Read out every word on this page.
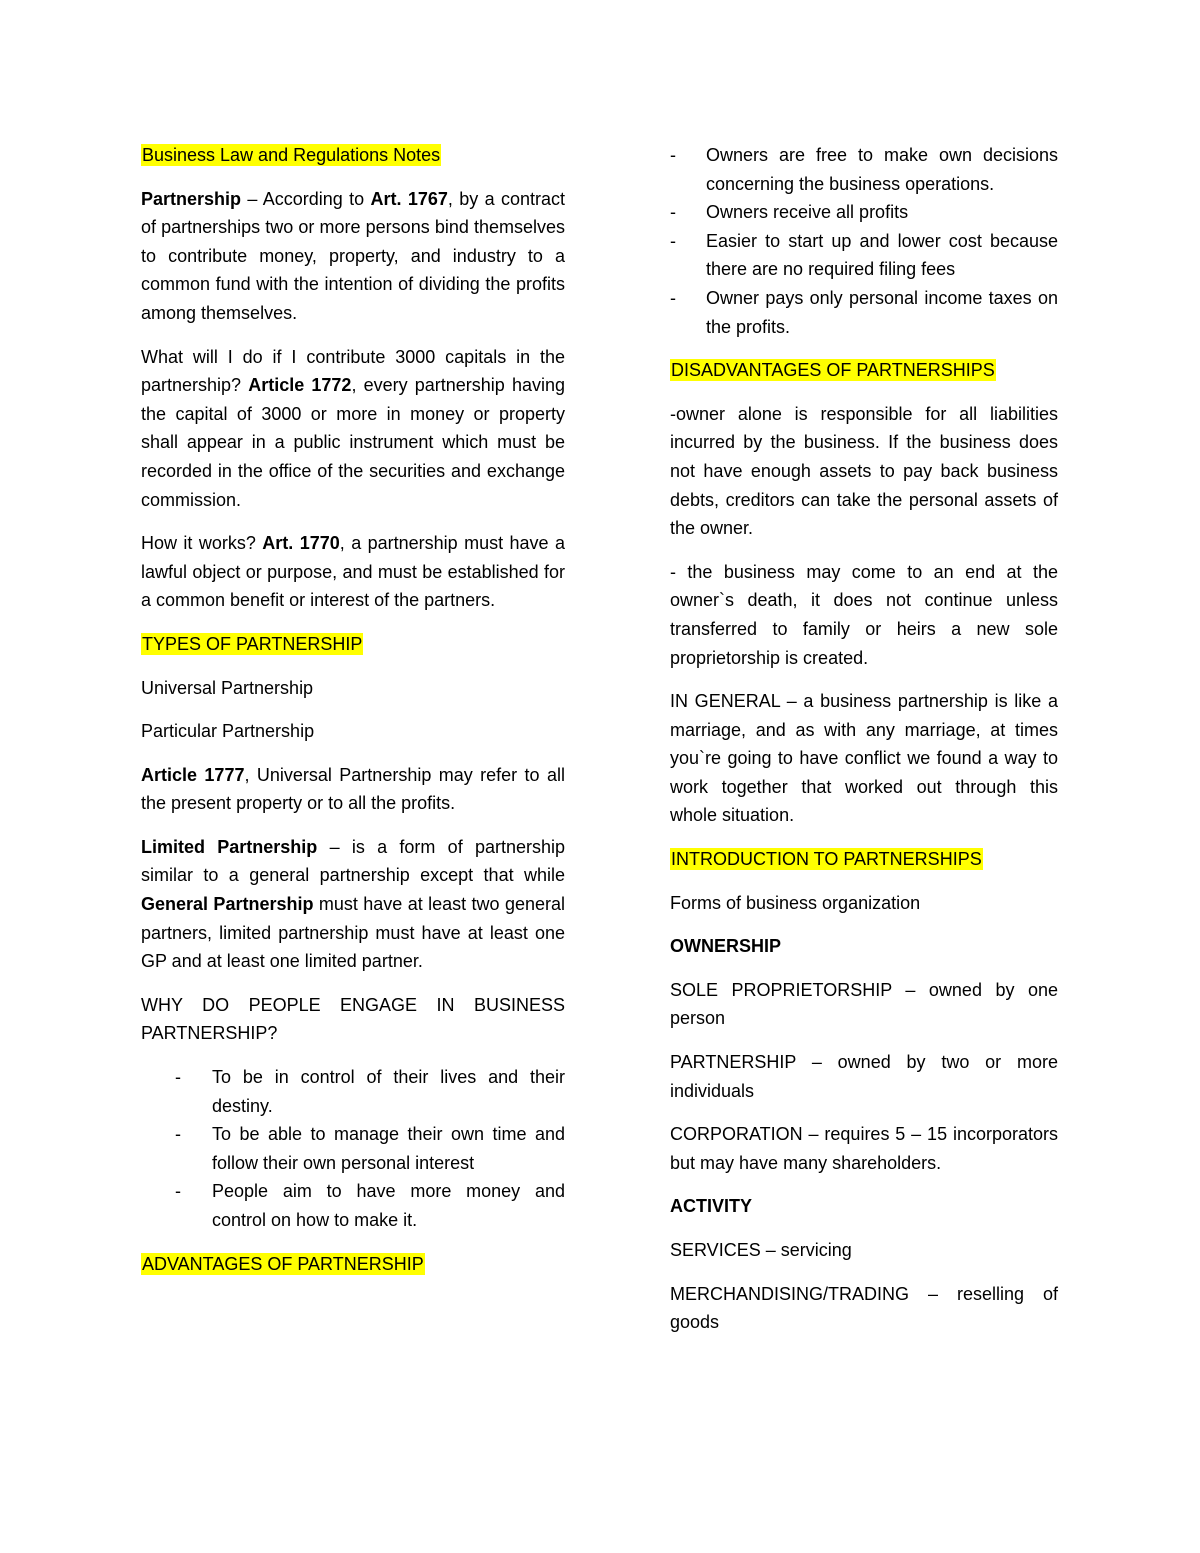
Business Law and Regulations Notes

Partnership – According to Art. 1767, by a contract of partnerships two or more persons bind themselves to contribute money, property, and industry to a common fund with the intention of dividing the profits among themselves.

What will I do if I contribute 3000 capitals in the partnership? Article 1772, every partnership having the capital of 3000 or more in money or property shall appear in a public instrument which must be recorded in the office of the securities and exchange commission.

How it works? Art. 1770, a partnership must have a lawful object or purpose, and must be established for a common benefit or interest of the partners.

TYPES OF PARTNERSHIP

Universal Partnership

Particular Partnership

Article 1777, Universal Partnership may refer to all the present property or to all the profits.

Limited Partnership – is a form of partnership similar to a general partnership except that while General Partnership must have at least two general partners, limited partnership must have at least one GP and at least one limited partner.

WHY DO PEOPLE ENGAGE IN BUSINESS PARTNERSHIP?

- To be in control of their lives and their destiny.
- To be able to manage their own time and follow their own personal interest
- People aim to have more money and control on how to make it.

ADVANTAGES OF PARTNERSHIP

- Owners are free to make own decisions concerning the business operations.
- Owners receive all profits
- Easier to start up and lower cost because there are no required filing fees
- Owner pays only personal income taxes on the profits.

DISADVANTAGES OF PARTNERSHIPS

-owner alone is responsible for all liabilities incurred by the business. If the business does not have enough assets to pay back business debts, creditors can take the personal assets of the owner.

- the business may come to an end at the owner`s death, it does not continue unless transferred to family or heirs a new sole proprietorship is created.

IN GENERAL – a business partnership is like a marriage, and as with any marriage, at times you`re going to have conflict we found a way to work together that worked out through this whole situation.

INTRODUCTION TO PARTNERSHIPS

Forms of business organization

OWNERSHIP

SOLE PROPRIETORSHIP – owned by one person

PARTNERSHIP – owned by two or more individuals

CORPORATION – requires 5 – 15 incorporators but may have many shareholders.

ACTIVITY

SERVICES – servicing

MERCHANDISING/TRADING – reselling of goods
